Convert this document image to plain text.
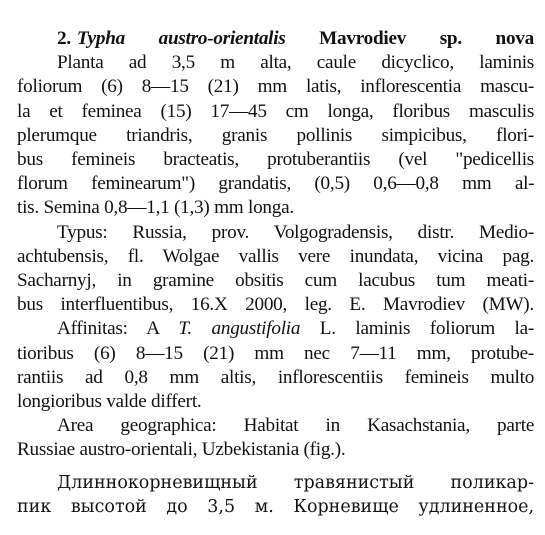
2. Typha austro-orientalis Mavrodiev sp. nova
Planta ad 3,5 m alta, caule dicyclico, laminis
foliorum (6) 8—15 (21) mm latis, inflorescentia mascu-
la et feminea (15) 17—45 cm longa, floribus masculis
plerumque triandris, granis pollinis simpicibus, flori-
bus femineis bracteatis, protuberantiis (vel "pedicellis
florum feminearum") grandatis, (0,5) 0,6—0,8 mm al-
tis. Semina 0,8—1,1 (1,3) mm longa.
Typus: Russia, prov. Volgogradensis, distr. Medio-
achtubensis, fl. Wolgae vallis vere inundata, vicina pag.
Sacharnyj, in gramine obsitis cum lacubus tum meati-
bus interfluentibus, 16.X 2000, leg. E. Mavrodiev (MW).
Affinitas: A T. angustifolia L. laminis foliorum la-
tioribus (6) 8—15 (21) mm nec 7—11 mm, protube-
rantiis ad 0,8 mm altis, inflorescentiis femineis multo
longioribus valde differt.
Area geographica: Habitat in Kasachstania, parte
Russiae austro-orientali, Uzbekistania (fig.).
Длиннокорневищный травянистый поликар-
пик высотой до 3,5 м. Корневище удлиненное,
